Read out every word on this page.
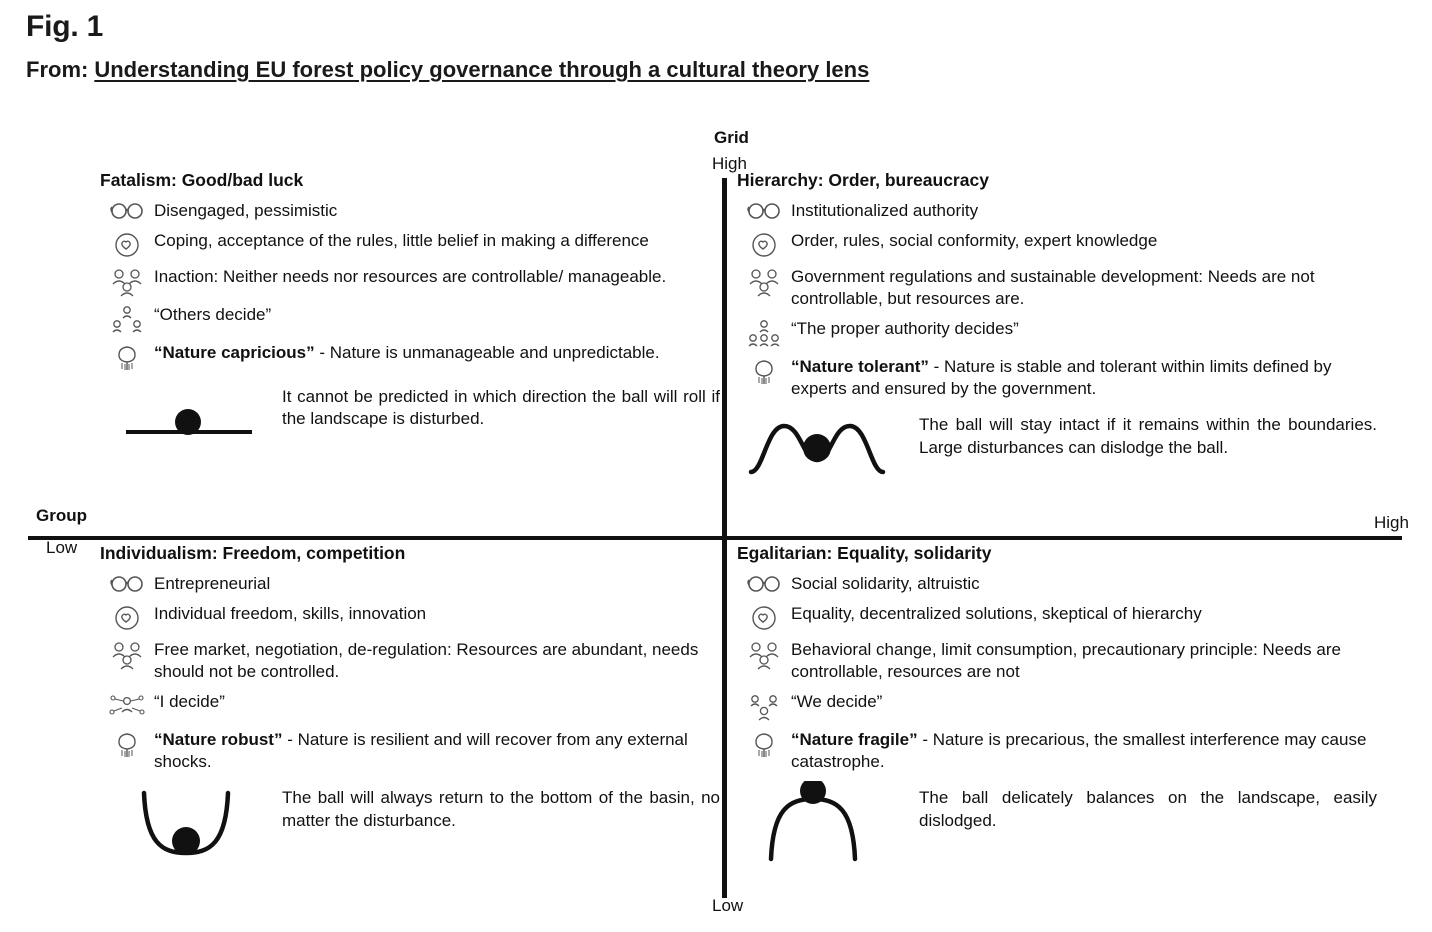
Fig. 1
From: Understanding EU forest policy governance through a cultural theory lens
Grid
High
Low
Group
Low
High
Fatalism: Good/bad luck
Disengaged, pessimistic
Coping, acceptance of the rules, little belief in making a difference
Inaction: Neither needs nor resources are controllable/ manageable.
“Others decide”
“Nature capricious” - Nature is unmanageable and unpredictable.
It cannot be predicted in which direction the ball will roll if the landscape is disturbed.
Hierarchy: Order, bureaucracy
Institutionalized authority
Order, rules, social conformity, expert knowledge
Government regulations and sustainable development: Needs are not controllable, but resources are.
“The proper authority decides”
“Nature tolerant” - Nature is stable and tolerant within limits defined by experts and ensured by the government.
The ball will stay intact if it remains within the boundaries. Large disturbances can dislodge the ball.
Individualism: Freedom, competition
Entrepreneurial
Individual freedom, skills, innovation
Free market, negotiation, de-regulation: Resources are abundant, needs should not be controlled.
“I decide”
“Nature robust” - Nature is resilient and will recover from any external shocks.
The ball will always return to the bottom of the basin, no matter the disturbance.
Egalitarian: Equality, solidarity
Social solidarity, altruistic
Equality, decentralized solutions, skeptical of hierarchy
Behavioral change, limit consumption, precautionary principle: Needs are controllable, resources are not
“We decide”
“Nature fragile” - Nature is precarious, the smallest interference may cause catastrophe.
The ball delicately balances on the landscape, easily dislodged.
